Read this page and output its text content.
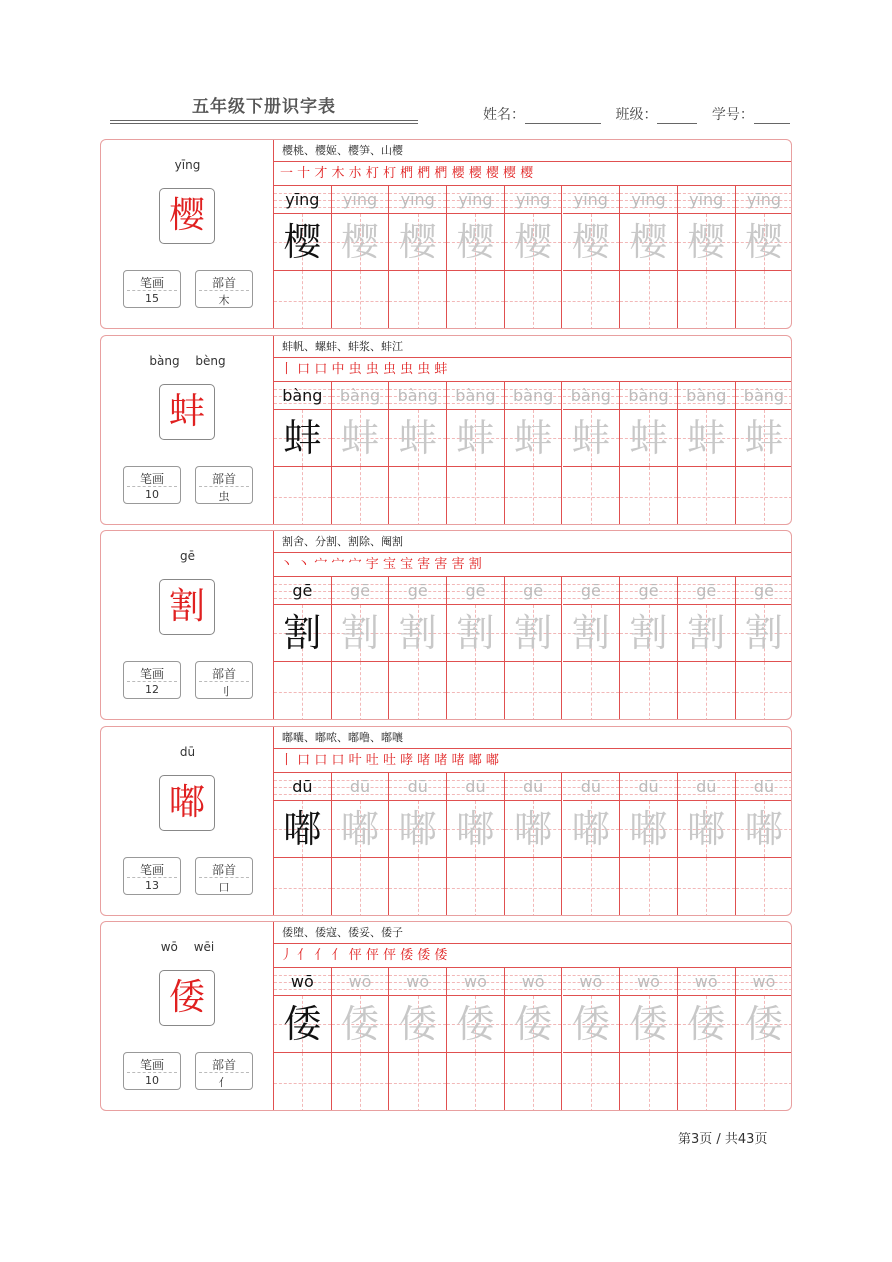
五年级下册识字表	姓名：	班级：	学号：
yīng
樱
笔画
15
部首
木
樱桃、樱姬、樱笋、山樱
一 十 才 木 朩 朾 朾 椚 椚 椚 櫻 櫻 樱 樱 樱
yīng
樱
yīng
樱
yīng
樱
yīng
樱
yīng
樱
yīng
樱
yīng
樱
yīng
樱
yīng
樱
bàng bèng
蚌
笔画
10
部首
虫
蚌帆、螺蚌、蚌浆、蚌江
丨 口 口 中 虫 虫 虫 虫 虫 蚌
bàng
蚌
bàng
蚌
bàng
蚌
bàng
蚌
bàng
蚌
bàng
蚌
bàng
蚌
bàng
蚌
bàng
蚌
gē
割
笔画
12
部首
刂
割舍、分割、割除、阉割
丶 丶 宀 宀 宀 宇 宝 宝 害 害 害 割
gē
割
gē
割
gē
割
gē
割
gē
割
gē
割
gē
割
gē
割
gē
割
dū
嘟
笔画
13
部首
口
嘟囔、嘟哝、嘟噜、嘟嚷
丨 口 口 口 叶 吐 吐 哮 啫 啫 啫 嘟 嘟
dū
嘟
dū
嘟
dū
嘟
dū
嘟
dū
嘟
dū
嘟
dū
嘟
dū
嘟
dū
嘟
wō wēi
倭
笔画
10
部首
亻
倭堕、倭寇、倭妥、倭子
丿 亻 亻 亻 伻 伻 伻 倭 倭 倭
wō
倭
wō
倭
wō
倭
wō
倭
wō
倭
wō
倭
wō
倭
wō
倭
wō
倭
第3页 / 共43页
